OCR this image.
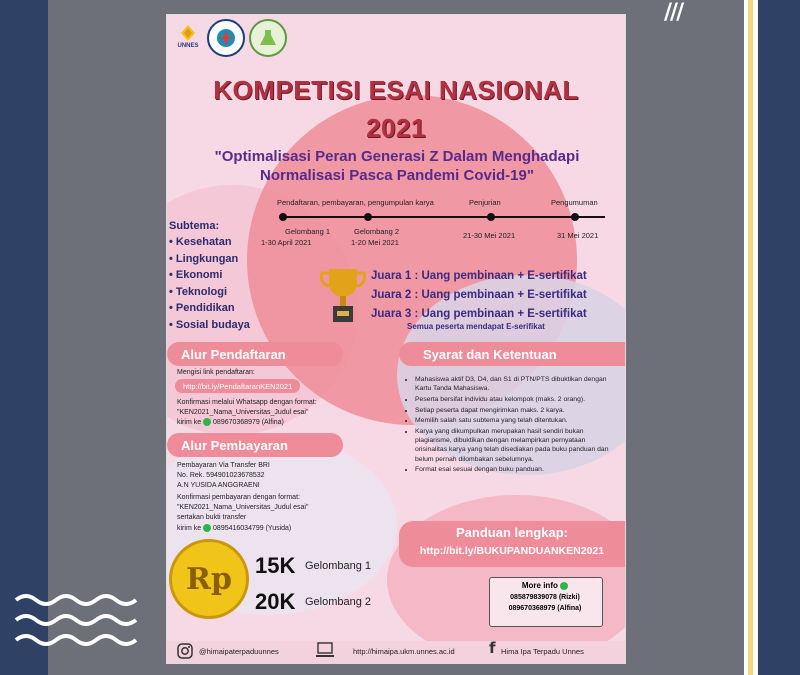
///
UNNES
KOMPETISI ESAI NASIONAL
2021
"Optimalisasi Peran Generasi Z Dalam Menghadapi
Normalisasi Pasca Pandemi Covid-19"
Pendaftaran, pembayaran, pengumpulan karya	Penjurian	Pengumuman
Gelombang 1
1-30 April 2021
Gelombang 2
1-20 Mei 2021
21-30 Mei 2021	31 Mei 2021
Subtema:
• Kesehatan
• Lingkungan
• Ekonomi
• Teknologi
• Pendidikan
• Sosial budaya
Juara 1 : Uang pembinaan + E-sertifikat
Juara 2 : Uang pembinaan + E-sertifikat
Juara 3 : Uang pembinaan + E-sertifikat
Semua peserta mendapat E-serifikat
Alur Pendaftaran
Mengisi link pendaftaran:
http://bit.ly/PendaftaranKEN2021
Konfirmasi melalui Whatsapp dengan format:
"KEN2021_Nama_Universitas_Judul esai"
kirim ke 089670368979 (Alfina)
Alur Pembayaran
Pembayaran Via Transfer BRI
No. Rek. 594901023678532
A.N YUSIDA ANGGRAENI
Konfirmasi pembayaran dengan format:
"KEN2021_Nama_Universitas_Judul esai"
sertakan bukti transfer
kirim ke 0895416034799 (Yusida)
Syarat dan Ketentuan
• Mahasiswa aktif D3, D4, dan S1 di PTN/PTS dibuktikan dengan Kartu Tanda Mahasiswa.
• Peserta bersifat individu atau kelompok (maks. 2 orang).
• Setiap peserta dapat mengirimkan maks. 2 karya.
• Memilih salah satu subtema yang telah ditentukan.
• Karya yang dikumpulkan merupakan hasil sendiri bukan plagiarisme, dibuktikan dengan melampirkan pernyataan orisinalitas karya yang telah disediakan pada buku panduan dan belum pernah dilombakan sebelumnya.
• Format esai sesuai dengan buku panduan.
Panduan lengkap:
http://bit.ly/BUKUPANDUANKEN2021
Rp 15K Gelombang 1
20K Gelombang 2
More info
085879839078 (Rizki)
089670368979 (Alfina)
@himaipaterpaduunnes	http://himaipa.ukm.unnes.ac.id f Hima Ipa Terpadu Unnes
